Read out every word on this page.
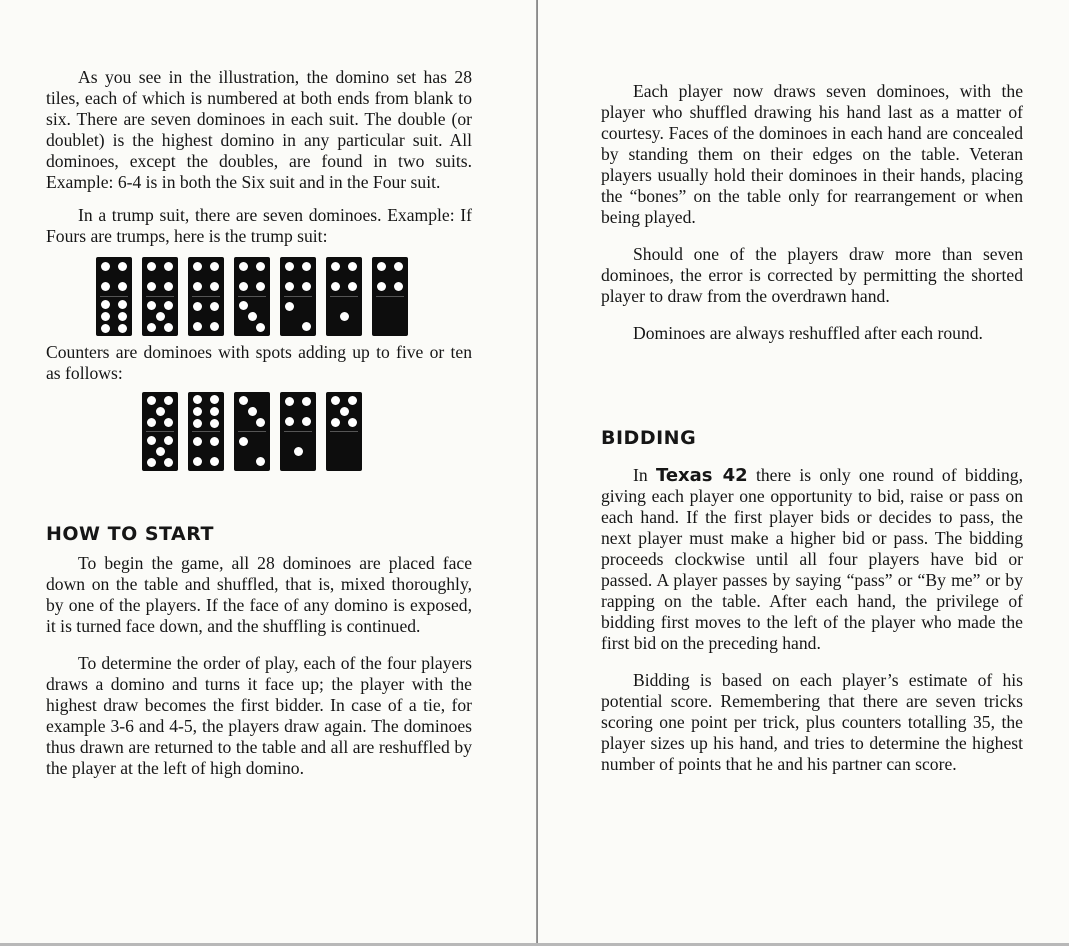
As you see in the illustration, the domino set has 28 tiles, each of which is numbered at both ends from blank to six. There are seven dominoes in each suit. The double (or doublet) is the highest domino in any particular suit. All dominoes, except the doubles, are found in two suits. Example: 6-4 is in both the Six suit and in the Four suit.

In a trump suit, there are seven dominoes. Example: If Fours are trumps, here is the trump suit:

Counters are dominoes with spots adding up to five or ten as follows:

HOW TO START

To begin the game, all 28 dominoes are placed face down on the table and shuffled, that is, mixed thoroughly, by one of the players. If the face of any domino is exposed, it is turned face down, and the shuffling is continued.

To determine the order of play, each of the four players draws a domino and turns it face up; the player with the highest draw becomes the first bidder. In case of a tie, for example 3-6 and 4-5, the players draw again. The dominoes thus drawn are returned to the table and all are reshuffled by the player at the left of high domino.

Each player now draws seven dominoes, with the player who shuffled drawing his hand last as a matter of courtesy. Faces of the dominoes in each hand are concealed by standing them on their edges on the table. Veteran players usually hold their dominoes in their hands, placing the “bones” on the table only for rearrangement or when being played.

Should one of the players draw more than seven dominoes, the error is corrected by permitting the shorted player to draw from the overdrawn hand.

Dominoes are always reshuffled after each round.

BIDDING

In Texas 42 there is only one round of bidding, giving each player one opportunity to bid, raise or pass on each hand. If the first player bids or decides to pass, the next player must make a higher bid or pass. The bidding proceeds clockwise until all four players have bid or passed. A player passes by saying “pass” or “By me” or by rapping on the table. After each hand, the privilege of bidding first moves to the left of the player who made the first bid on the preceding hand.

Bidding is based on each player’s estimate of his potential score. Remembering that there are seven tricks scoring one point per trick, plus counters totalling 35, the player sizes up his hand, and tries to determine the highest number of points that he and his partner can score.
